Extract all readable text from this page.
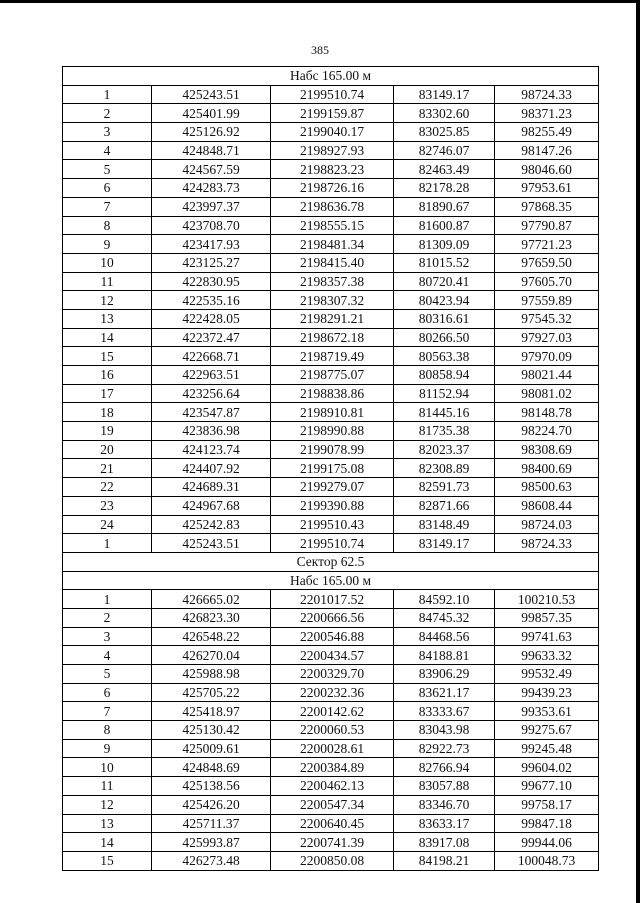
385
Набс 165.00 м				
1	425243.51	2199510.74	83149.17	98724.33
2	425401.99	2199159.87	83302.60	98371.23
3	425126.92	2199040.17	83025.85	98255.49
4	424848.71	2198927.93	82746.07	98147.26
5	424567.59	2198823.23	82463.49	98046.60
6	424283.73	2198726.16	82178.28	97953.61
7	423997.37	2198636.78	81890.67	97868.35
8	423708.70	2198555.15	81600.87	97790.87
9	423417.93	2198481.34	81309.09	97721.23
10	423125.27	2198415.40	81015.52	97659.50
11	422830.95	2198357.38	80720.41	97605.70
12	422535.16	2198307.32	80423.94	97559.89
13	422428.05	2198291.21	80316.61	97545.32
14	422372.47	2198672.18	80266.50	97927.03
15	422668.71	2198719.49	80563.38	97970.09
16	422963.51	2198775.07	80858.94	98021.44
17	423256.64	2198838.86	81152.94	98081.02
18	423547.87	2198910.81	81445.16	98148.78
19	423836.98	2198990.88	81735.38	98224.70
20	424123.74	2199078.99	82023.37	98308.69
21	424407.92	2199175.08	82308.89	98400.69
22	424689.31	2199279.07	82591.73	98500.63
23	424967.68	2199390.88	82871.66	98608.44
24	425242.83	2199510.43	83148.49	98724.03
1	425243.51	2199510.74	83149.17	98724.33
Сектор 62.5				
Набс 165.00 м				
1	426665.02	2201017.52	84592.10	100210.53
2	426823.30	2200666.56	84745.32	99857.35
3	426548.22	2200546.88	84468.56	99741.63
4	426270.04	2200434.57	84188.81	99633.32
5	425988.98	2200329.70	83906.29	99532.49
6	425705.22	2200232.36	83621.17	99439.23
7	425418.97	2200142.62	83333.67	99353.61
8	425130.42	2200060.53	83043.98	99275.67
9	425009.61	2200028.61	82922.73	99245.48
10	424848.69	2200384.89	82766.94	99604.02
11	425138.56	2200462.13	83057.88	99677.10
12	425426.20	2200547.34	83346.70	99758.17
13	425711.37	2200640.45	83633.17	99847.18
14	425993.87	2200741.39	83917.08	99944.06
15	426273.48	2200850.08	84198.21	100048.73
